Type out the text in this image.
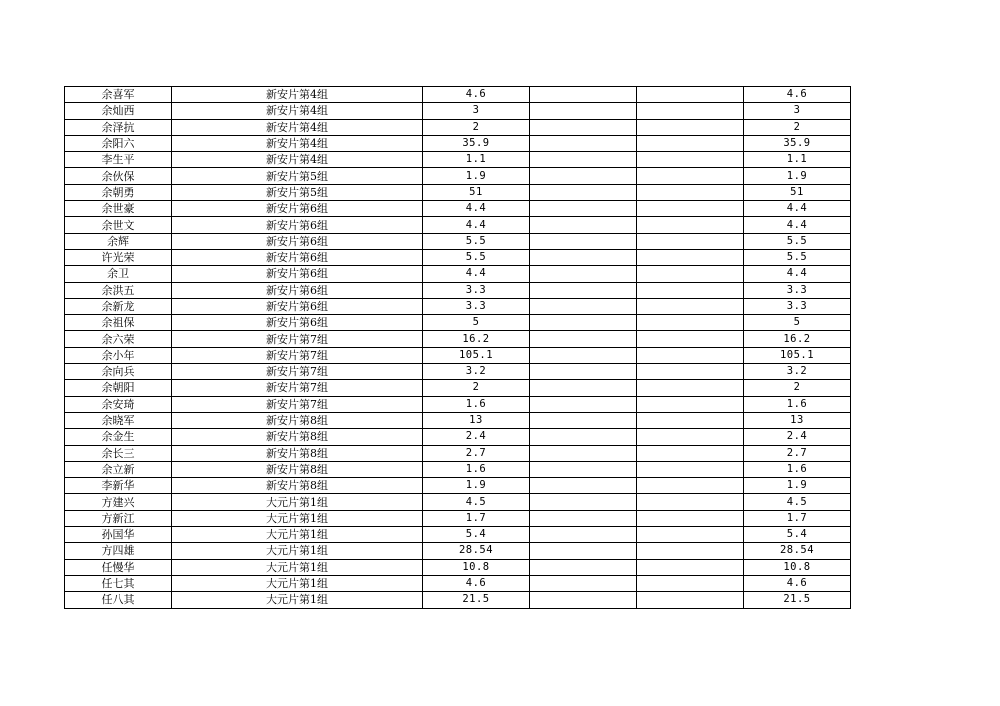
余喜军	新安片第4组	4.6			4.6
余灿西	新安片第4组	3			3
余泽抗	新安片第4组	2			2
余阳六	新安片第4组	35.9			35.9
李生平	新安片第4组	1.1			1.1
余伙保	新安片第5组	1.9			1.9
余朝勇	新安片第5组	51			51
余世豪	新安片第6组	4.4			4.4
余世文	新安片第6组	4.4			4.4
余辉	新安片第6组	5.5			5.5
许光荣	新安片第6组	5.5			5.5
余卫	新安片第6组	4.4			4.4
余洪五	新安片第6组	3.3			3.3
余新龙	新安片第6组	3.3			3.3
余祖保	新安片第6组	5			5
余六荣	新安片第7组	16.2			16.2
余小年	新安片第7组	105.1			105.1
余向兵	新安片第7组	3.2			3.2
余朝阳	新安片第7组	2			2
余安琦	新安片第7组	1.6			1.6
余晓军	新安片第8组	13			13
余金生	新安片第8组	2.4			2.4
余长三	新安片第8组	2.7			2.7
余立新	新安片第8组	1.6			1.6
李新华	新安片第8组	1.9			1.9
方建兴	大元片第1组	4.5			4.5
方新江	大元片第1组	1.7			1.7
孙国华	大元片第1组	5.4			5.4
方四雄	大元片第1组	28.54			28.54
任慢华	大元片第1组	10.8			10.8
任七其	大元片第1组	4.6			4.6
任八其	大元片第1组	21.5			21.5
